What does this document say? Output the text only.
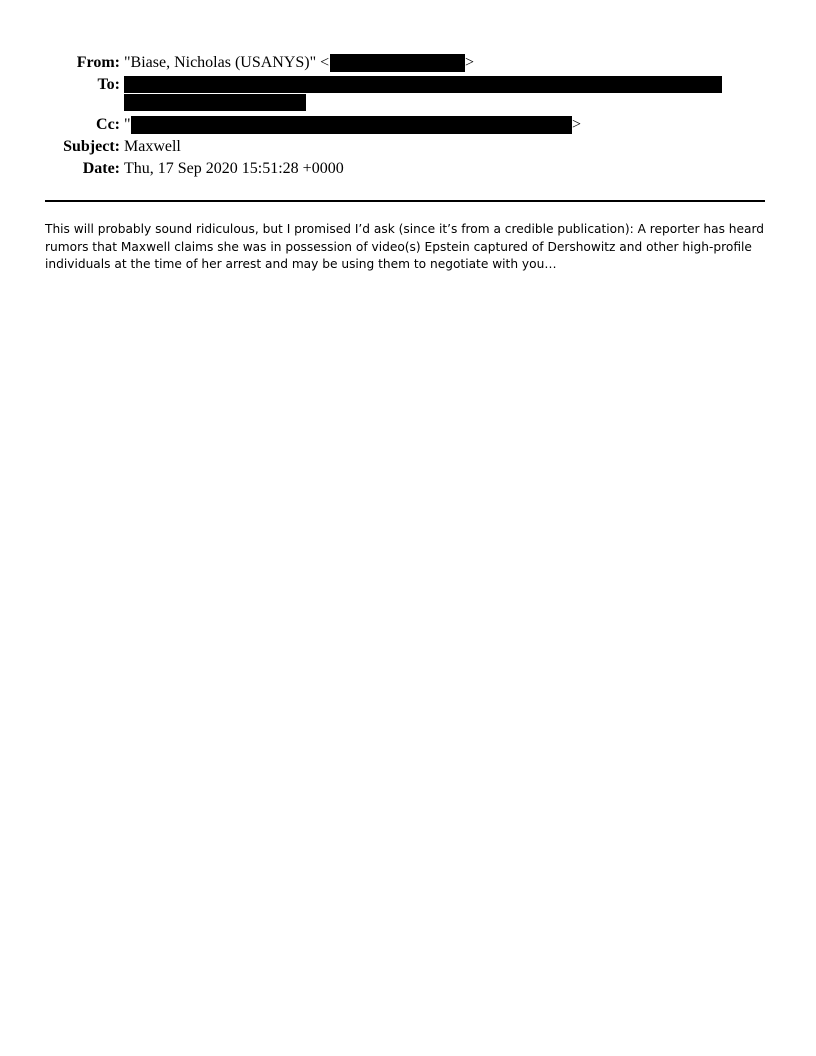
From: "Biase, Nicholas (USANYS)" <	>
To:
Cc: "	>
Subject: Maxwell
Date: Thu, 17 Sep 2020 15:51:28 +0000
This will probably sound ridiculous, but I promised I’d ask (since it’s from a credible publication): A reporter has heard rumors that Maxwell claims she was in possession of video(s) Epstein captured of Dershowitz and other high-profile individuals at the time of her arrest and may be using them to negotiate with you…
